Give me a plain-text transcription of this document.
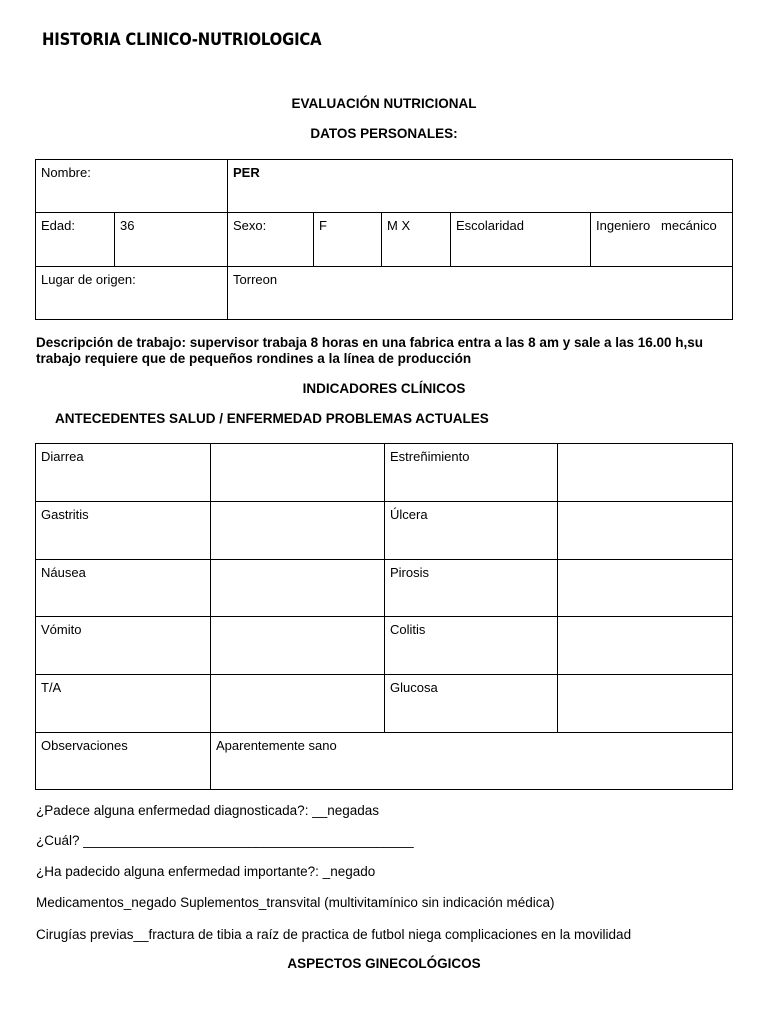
HISTORIA CLINICO-NUTRIOLOGICA
EVALUACIÓN NUTRICIONAL
DATOS PERSONALES:
Nombre:		PER				
Edad:	36	Sexo:	F	M X	Escolaridad	Ingeniero   mecánico
Lugar de origen:		Torreon				
Descripción de trabajo: supervisor trabaja 8 horas en una fabrica entra a las 8 am y sale a las 16.00 h,su trabajo requiere que de pequeños rondines a la línea de producción
INDICADORES CLÍNICOS
ANTECEDENTES SALUD / ENFERMEDAD PROBLEMAS ACTUALES
Diarrea		Estreñimiento	
Gastritis		Úlcera	
Náusea		Pirosis	
Vómito		Colitis	
T/A		Glucosa	
Observaciones	Aparentemente sano		
¿Padece alguna enfermedad diagnosticada?: __negadas
¿Cuál? ____________________________________________
¿Ha padecido alguna enfermedad importante?: _negado
Medicamentos_negado Suplementos_transvital (multivitamínico sin indicación médica)
Cirugías previas__fractura de tibia a raíz de practica de futbol niega complicaciones en la movilidad
ASPECTOS GINECOLÓGICOS
